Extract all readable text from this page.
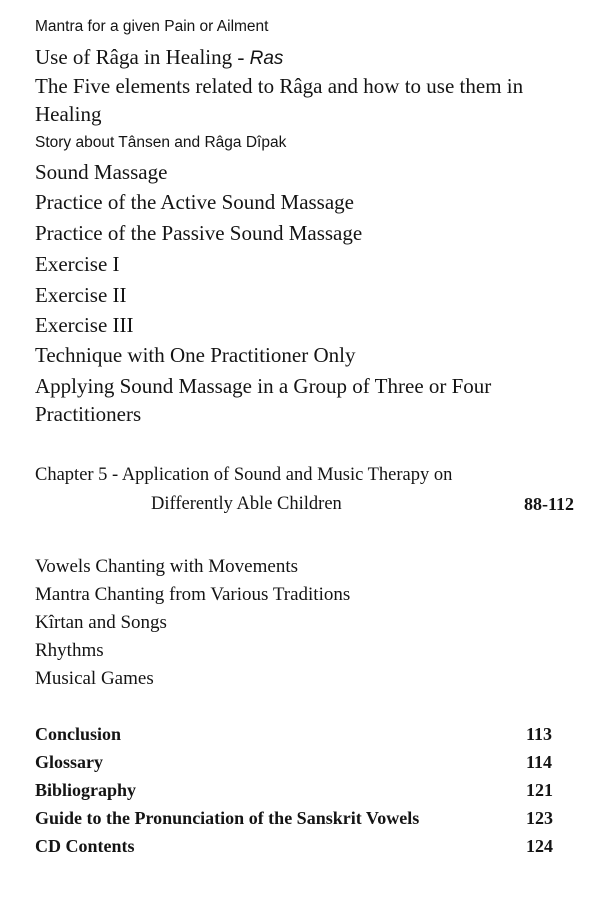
Mantra for a given Pain or Ailment
Use of Râga in Healing - Ras
The Five elements related to Râga and how to use them in
Healing
Story about Tânsen and Râga Dîpak
Sound Massage
Practice of the Active Sound Massage
Practice of the Passive Sound Massage
Exercise I
Exercise II
Exercise III
Technique with One Practitioner Only
Applying Sound Massage in a Group of Three or Four
Practitioners
Chapter 5 - Application of Sound and Music Therapy on
Differently Able Children	88-112
Vowels Chanting with Movements
Mantra Chanting from Various Traditions
Kîrtan and Songs
Rhythms
Musical Games
Conclusion	113
Glossary	114
Bibliography	121
Guide to the Pronunciation of the Sanskrit Vowels	123
CD Contents	124
